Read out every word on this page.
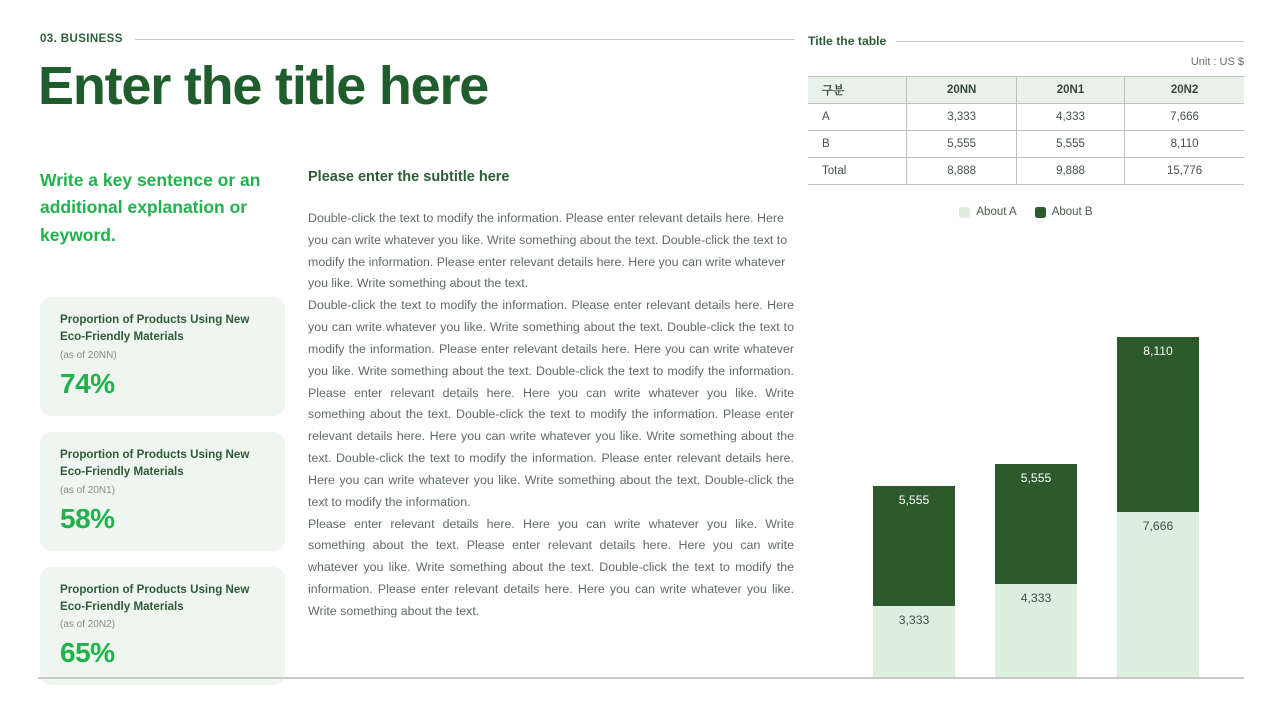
03. BUSINESS
Enter the title here
Write a key sentence or an additional explanation or keyword.
Proportion of Products Using New Eco-Friendly Materials
(as of 20NN)
74%
Proportion of Products Using New Eco-Friendly Materials
(as of 20N1)
58%
Proportion of Products Using New Eco-Friendly Materials
(as of 20N2)
65%
Please enter the subtitle here

Double-click the text to modify the information. Please enter relevant details here. Here you can write whatever you like. Write something about the text. Double-click the text to modify the information. Please enter relevant details here. Here you can write whatever you like. Write something about the text.

Double-click the text to modify the information. Please enter relevant details here. Here you can write whatever you like. Write something about the text. Double-click the text to modify the information. Please enter relevant details here. Here you can write whatever you like. Write something about the text. Double-click the text to modify the information. Please enter relevant details here. Here you can write whatever you like. Write something about the text. Double-click the text to modify the information. Please enter relevant details here. Here you can write whatever you like. Write something about the text. Double-click the text to modify the information. Please enter relevant details here. Here you can write whatever you like. Write something about the text. Double-click the text to modify the information.

Please enter relevant details here. Here you can write whatever you like. Write something about the text. Please enter relevant details here. Here you can write whatever you like. Write something about the text. Double-click the text to modify the information. Please enter relevant details here. Here you can write whatever you like. Write something about the text.

Title the table
Unit : US $
구분	20NN	20N1	20N2
A	3,333	4,333	7,666
B	5,555	5,555	8,110
Total	8,888	9,888	15,776
About A	About B
5,555
3,333
5,555
4,333
8,110
7,666
